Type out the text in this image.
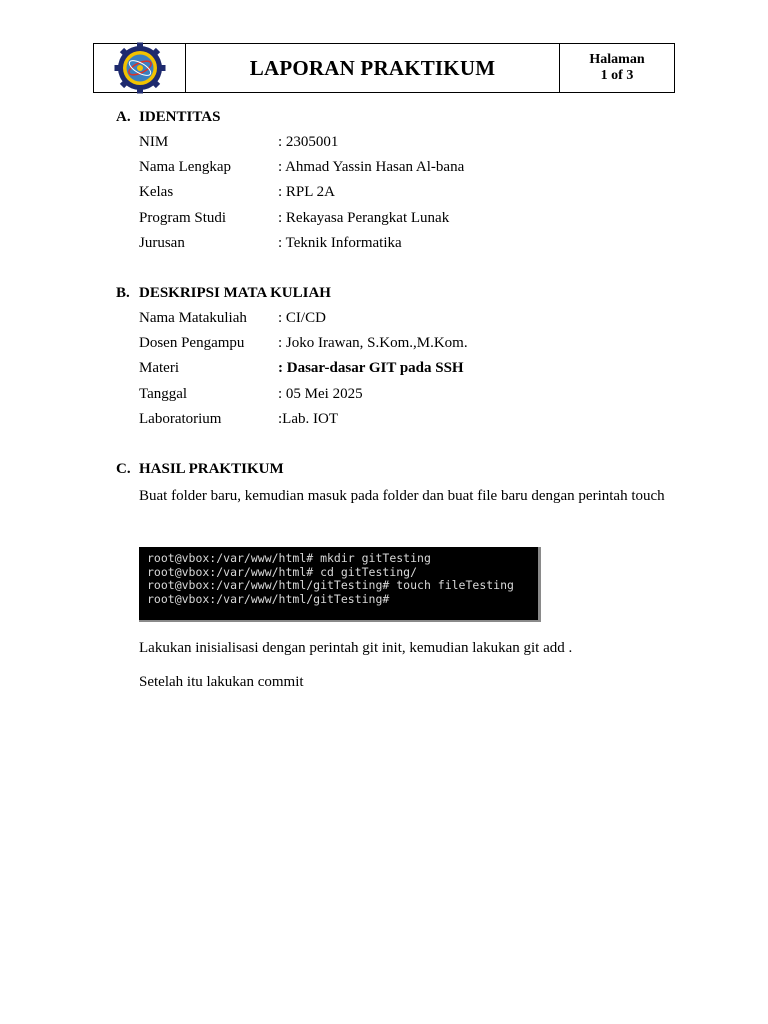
LAPORAN PRAKTIKUM	Halaman
1 of 3
A. IDENTITAS
NIM	: 2305001
Nama Lengkap	: Ahmad Yassin Hasan Al-bana
Kelas	: RPL 2A
Program Studi	: Rekayasa Perangkat Lunak
Jurusan	: Teknik Informatika
B. DESKRIPSI MATA KULIAH
Nama Matakuliah : CI/CD
Dosen Pengampu : Joko Irawan, S.Kom.,M.Kom.
Materi	: Dasar-dasar GIT pada SSH
Tanggal	: 05 Mei 2025
Laboratorium	:Lab. IOT
C. HASIL PRAKTIKUM
Buat folder baru, kemudian masuk pada folder dan buat file baru dengan perintah touch
root@vbox:/var/www/html# mkdir gitTesting
root@vbox:/var/www/html# cd gitTesting/
root@vbox:/var/www/html/gitTesting# touch fileTesting
root@vbox:/var/www/html/gitTesting#
Lakukan inisialisasi dengan perintah git init, kemudian lakukan git add .
Setelah itu lakukan commit
